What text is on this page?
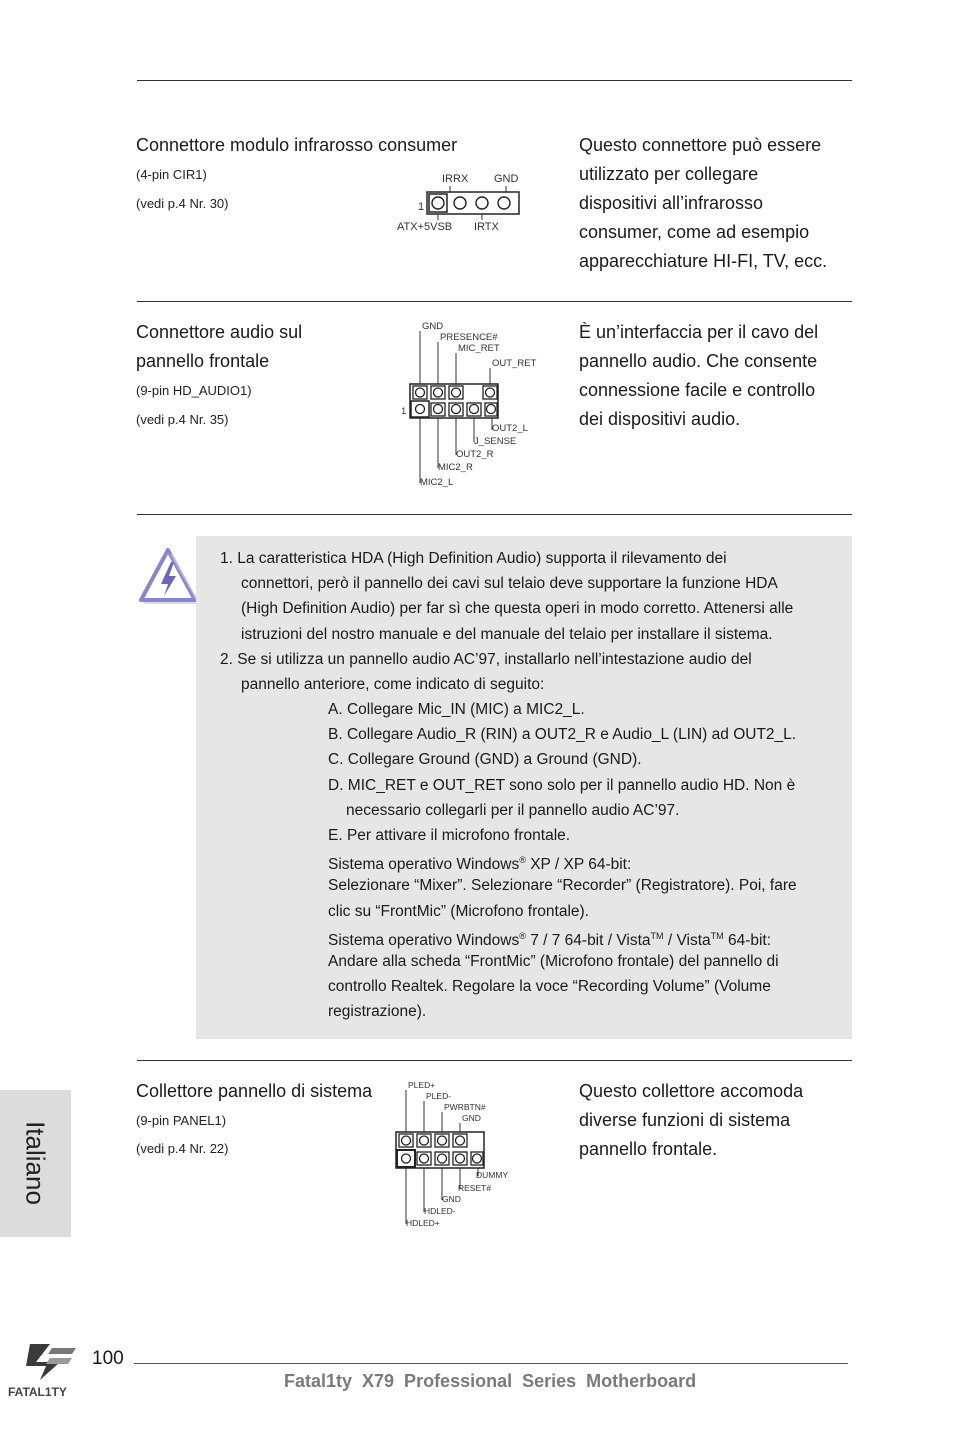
Connettore modulo infrarosso consumer
(4-pin CIR1)
(vedi p.4 Nr. 30)
IRRX GND
1
ATX+5VSB IRTX
Questo connettore può essere
utilizzato per collegare
dispositivi all’infrarosso
consumer, come ad esempio
apparecchiature HI-FI, TV, ecc.
Connettore audio sul
pannello frontale
(9-pin HD_AUDIO1)
(vedi p.4 Nr. 35)
GND
PRESENCE#
MIC_RET
OUT_RET
OUT2_L
J_SENSE
OUT2_R
MIC2_R
MIC2_L
1
È un’interfaccia per il cavo del
pannello audio. Che consente
connessione facile e controllo
dei dispositivi audio.
1. La caratteristica HDA (High Definition Audio) supporta il rilevamento dei
connettori, però il pannello dei cavi sul telaio deve supportare la funzione HDA
(High Definition Audio) per far sì che questa operi in modo corretto. Attenersi alle
istruzioni del nostro manuale e del manuale del telaio per installare il sistema.
2. Se si utilizza un pannello audio AC’97, installarlo nell’intestazione audio del
pannello anteriore, come indicato di seguito:
A. Collegare Mic_IN (MIC) a MIC2_L.
B. Collegare Audio_R (RIN) a OUT2_R e Audio_L (LIN) ad OUT2_L.
C. Collegare Ground (GND) a Ground (GND).
D. MIC_RET e OUT_RET sono solo per il pannello audio HD. Non è
necessario collegarli per il pannello audio AC’97.
E. Per attivare il microfono frontale.
Sistema operativo Windows® XP / XP 64-bit:
Selezionare “Mixer”. Selezionare “Recorder” (Registratore). Poi, fare
clic su “FrontMic” (Microfono frontale).
Sistema operativo Windows® 7 / 7 64-bit / Vista™ / Vista™ 64-bit:
Andare alla scheda “FrontMic” (Microfono frontale) del pannello di
controllo Realtek. Regolare la voce “Recording Volume” (Volume
registrazione).
Collettore pannello di sistema
(9-pin PANEL1)
(vedi p.4 Nr. 22)
PLED+
PLED-
PWRBTN#
GND
DUMMY
RESET#
GND
HDLED-
HDLED+
Questo collettore accomoda
diverse funzioni di sistema
pannello frontale.
Italiano
FATAL1TY
100
Fatal1ty  X79  Professional  Series  Motherboard
